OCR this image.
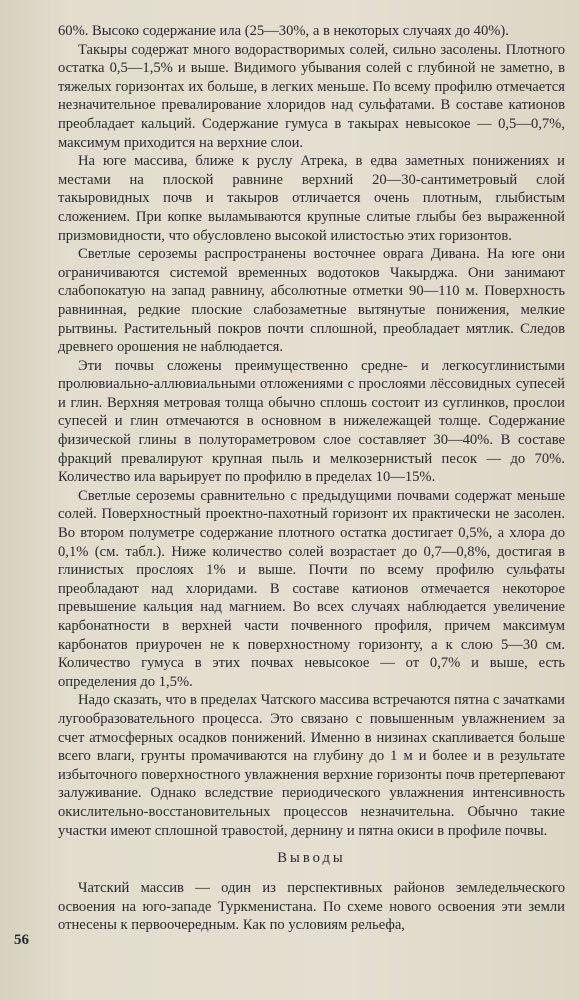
60%. Высоко содержание ила (25—30%, а в некоторых случаях до 40%).

Такыры содержат много водорастворимых солей, сильно засолены. Плотного остатка 0,5—1,5% и выше. Видимого убывания солей с глубиной не заметно, в тяжелых горизонтах их больше, в легких меньше. По всему профилю отмечается незначительное превалирование хлоридов над сульфатами. В составе катионов преобладает кальций. Содержание гумуса в такырах невысокое — 0,5—0,7%, максимум приходится на верхние слои.

На юге массива, ближе к руслу Атрека, в едва заметных понижениях и местами на плоской равнине верхний 20—30-сантиметровый слой такыровидных почв и такыров отличается очень плотным, глыбистым сложением. При копке выламываются крупные слитые глыбы без выраженной призмовидности, что обусловлено высокой илистостью этих горизонтов.

Светлые сероземы распространены восточнее оврага Дивана. На юге они ограничиваются системой временных водотоков Чакырджа. Они занимают слабопокатую на запад равнину, абсолютные отметки 90—110 м. Поверхность равнинная, редкие плоские слабозаметные вытянутые понижения, мелкие рытвины. Растительный покров почти сплошной, преобладает мятлик. Следов древнего орошения не наблюдается.

Эти почвы сложены преимущественно средне- и легкосуглинистыми пролювиально-аллювиальными отложениями с прослоями лёссовидных супесей и глин. Верхняя метровая толща обычно сплошь состоит из суглинков, прослои супесей и глин отмечаются в основном в нижележащей толще. Содержание физической глины в полутораметровом слое составляет 30—40%. В составе фракций превалируют крупная пыль и мелкозернистый песок — до 70%. Количество ила варьирует по профилю в пределах 10—15%.

Светлые сероземы сравнительно с предыдущими почвами содержат меньше солей. Поверхностный проектно-пахотный горизонт их практически не засолен. Во втором полуметре содержание плотного остатка достигает 0,5%, а хлора до 0,1% (см. табл.). Ниже количество солей возрастает до 0,7—0,8%, достигая в глинистых прослоях 1% и выше. Почти по всему профилю сульфаты преобладают над хлоридами. В составе катионов отмечается некоторое превышение кальция над магнием. Во всех случаях наблюдается увеличение карбонатности в верхней части почвенного профиля, причем максимум карбонатов приурочен не к поверхностному горизонту, а к слою 5—30 см. Количество гумуса в этих почвах невысокое — от 0,7% и выше, есть определения до 1,5%.

Надо сказать, что в пределах Чатского массива встречаются пятна с зачатками лугообразовательного процесса. Это связано с повышенным увлажнением за счет атмосферных осадков понижений. Именно в низинах скапливается больше всего влаги, грунты промачиваются на глубину до 1 м и более и в результате избыточного поверхностного увлажнения верхние горизонты почв претерпевают залуживание. Однако вследствие периодического увлажнения интенсивность окислительно-восстановительных процессов незначительна. Обычно такие участки имеют сплошной травостой, дернину и пятна окиси в профиле почвы.

Выводы

Чатский массив — один из перспективных районов земледельческого освоения на юго-западе Туркменистана. По схеме нового освоения эти земли отнесены к первоочередным. Как по условиям рельефа,

56
